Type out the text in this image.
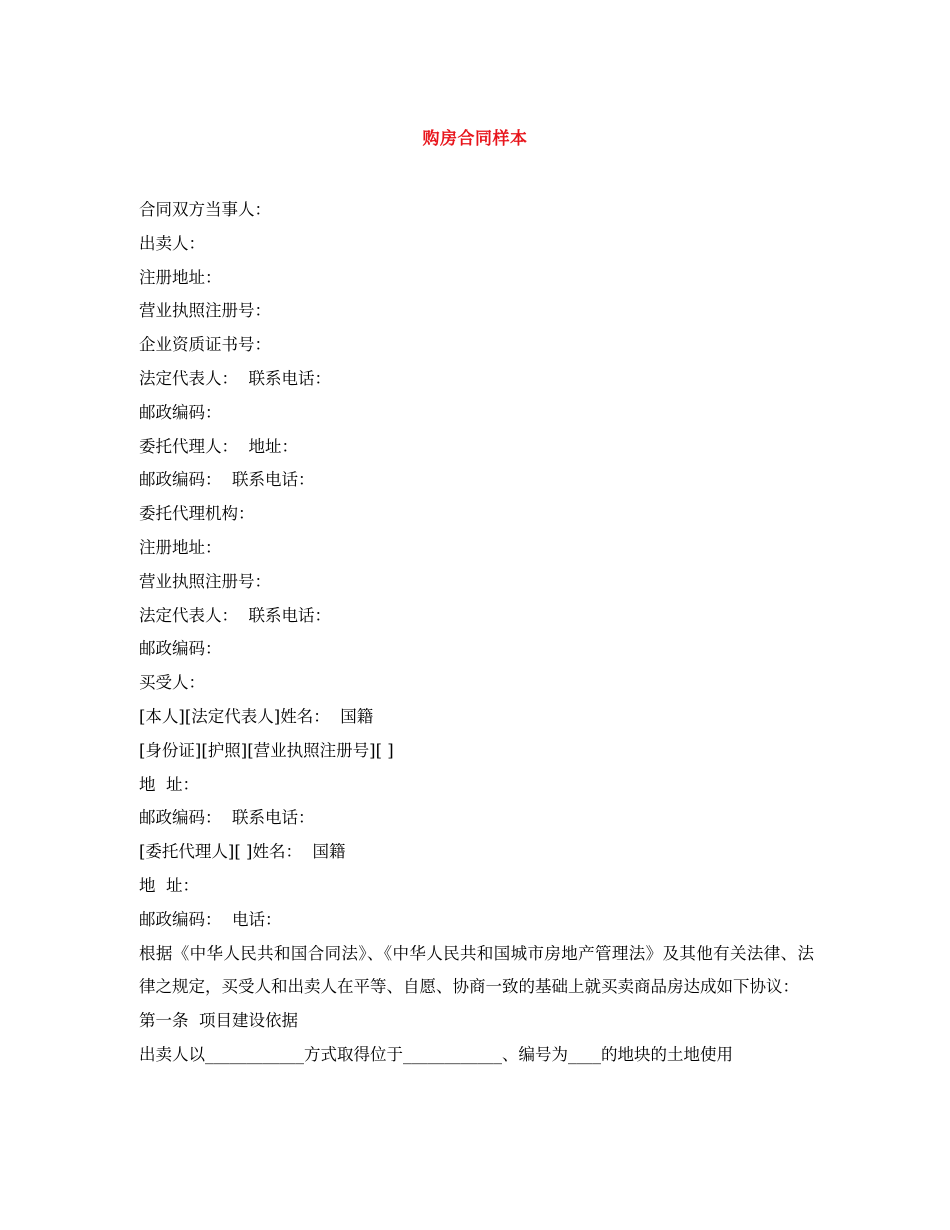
购房合同样本
合同双方当事人：
出卖人：
注册地址：
营业执照注册号：
企业资质证书号：
法定代表人：  联系电话：
邮政编码：
委托代理人：  地址：
邮政编码：  联系电话：
委托代理机构：
注册地址：
营业执照注册号：
法定代表人：  联系电话：
邮政编码：
买受人：
[本人][法定代表人]姓名：  国籍
[身份证][护照][营业执照注册号][ ]
地  址：
邮政编码：  联系电话：
[委托代理人][ ]姓名：  国籍
地  址：
邮政编码：  电话：
根据《中华人民共和国合同法》、《中华人民共和国城市房地产管理法》及其他有关法律、法律之规定，买受人和出卖人在平等、自愿、协商一致的基础上就买卖商品房达成如下协议：
第一条  项目建设依据
出卖人以____________方式取得位于____________、编号为____的地块的土地使用
